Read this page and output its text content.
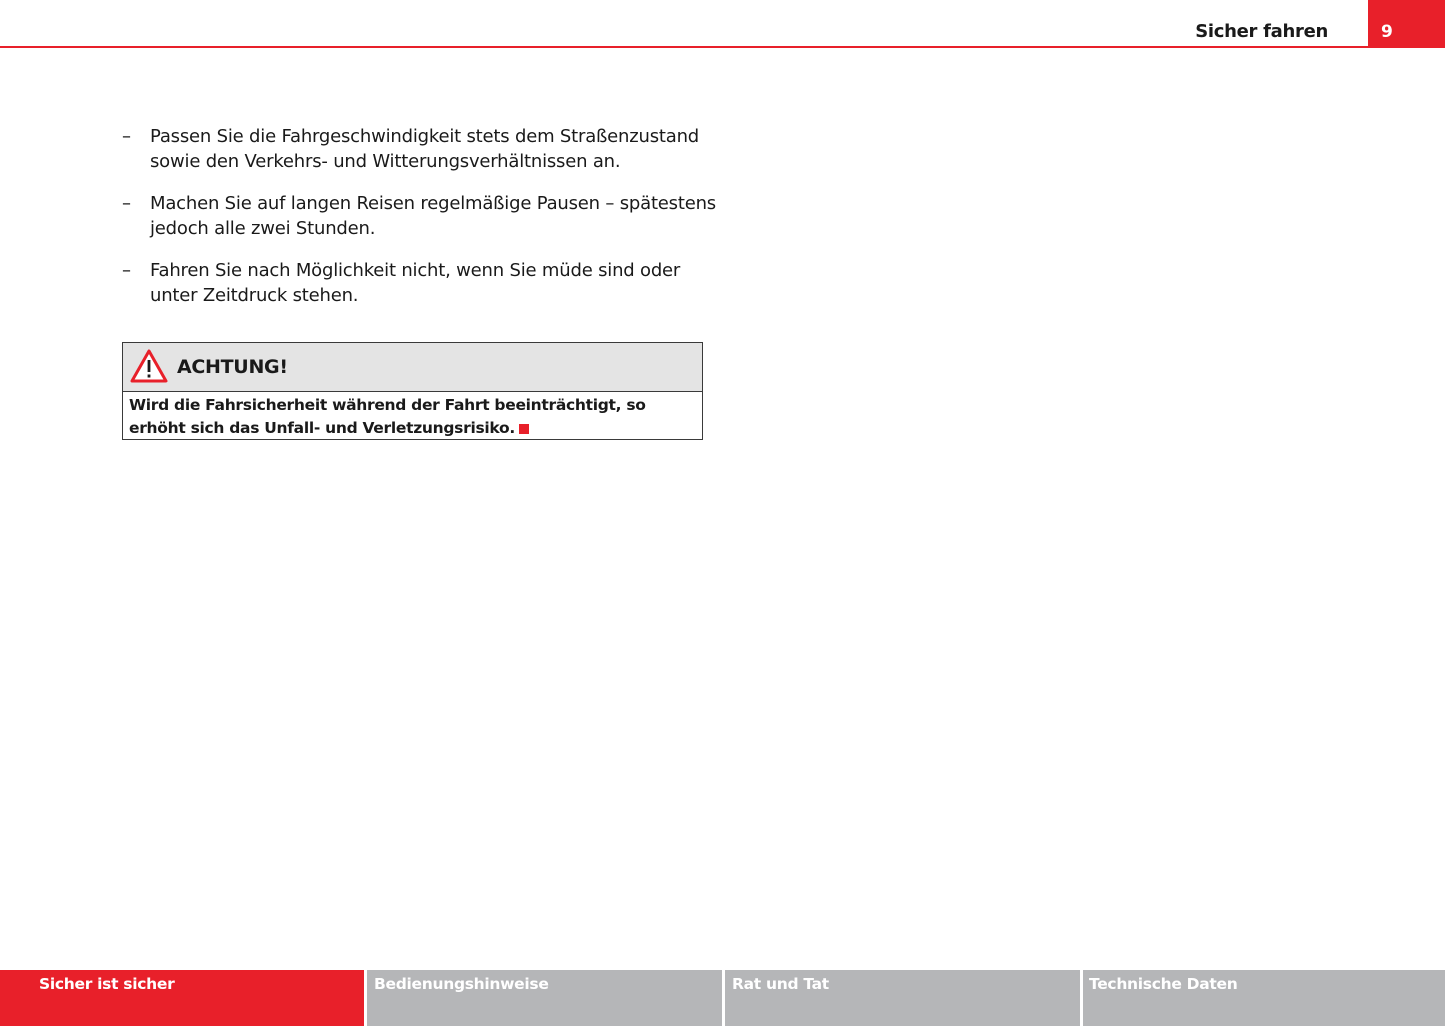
Sicher fahren	9
– Passen Sie die Fahrgeschwindigkeit stets dem Straßenzustand sowie den Verkehrs- und Witterungsverhältnissen an.
– Machen Sie auf langen Reisen regelmäßige Pausen – spätestens jedoch alle zwei Stunden.
– Fahren Sie nach Möglichkeit nicht, wenn Sie müde sind oder unter Zeitdruck stehen.
ACHTUNG!
Wird die Fahrsicherheit während der Fahrt beeinträchtigt, so erhöht sich das Unfall- und Verletzungsrisiko.
Sicher ist sicher	Bedienungshinweise	Rat und Tat	Technische Daten
